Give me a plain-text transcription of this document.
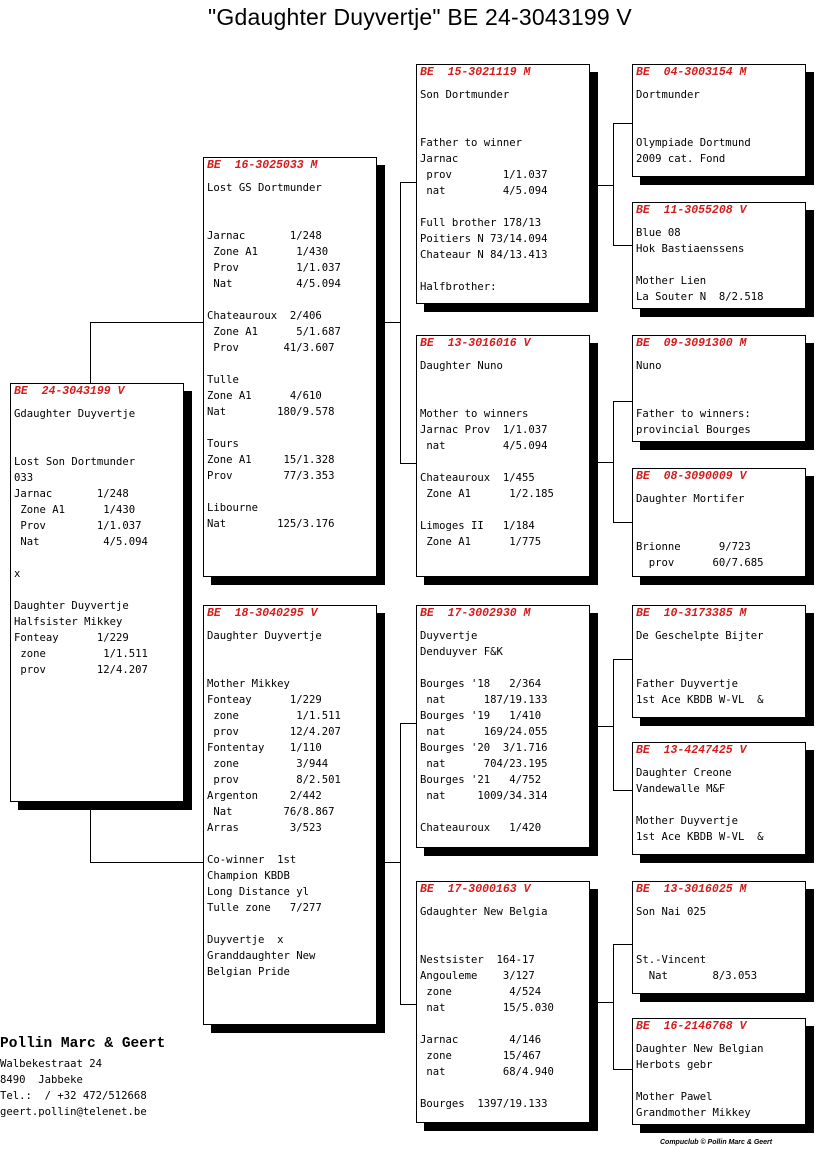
"Gdaughter Duyvertje" BE 24-3043199 V
BE  24-3043199 V
Gdaughter Duyvertje

Lost Son Dortmunder
033
Jarnac       1/248
Zone A1      1/430
Prov        1/1.037
Nat          4/5.094

x

Daughter Duyvertje
Halfsister Mikkey
Fonteay      1/229
zone         1/1.511
prov        12/4.207
BE  16-3025033 M
Lost GS Dortmunder

Jarnac       1/248
Zone A1      1/430
Prov         1/1.037
Nat          4/5.094

Chateauroux  2/406
Zone A1      5/1.687
Prov       41/3.607

Tulle
Zone A1      4/610
Nat        180/9.578

Tours
Zone A1     15/1.328
Prov        77/3.353

Libourne
Nat        125/3.176
BE  18-3040295 V
Daughter Duyvertje

Mother Mikkey
Fonteay      1/229
zone         1/1.511
prov        12/4.207
Fontentay    1/110
zone         3/944
prov         8/2.501
Argenton     2/442
Nat        76/8.867
Arras        3/523

Co-winner  1st
Champion KBDB
Long Distance yl
Tulle zone   7/277

Duyvertje  x
Granddaughter New
Belgian Pride
BE  15-3021119 M
Son Dortmunder

Father to winner
Jarnac
prov        1/1.037
nat         4/5.094

Full brother 178/13
Poitiers N 73/14.094
Chateaur N 84/13.413

Halfbrother:
BE  13-3016016 V
Daughter Nuno

Mother to winners
Jarnac Prov  1/1.037
nat         4/5.094

Chateauroux  1/455
Zone A1      1/2.185

Limoges II   1/184
Zone A1      1/775
BE  17-3002930 M
Duyvertje
Denduyver F&K

Bourges '18   2/364
nat      187/19.133
Bourges '19   1/410
nat      169/24.055
Bourges '20  3/1.716
nat      704/23.195
Bourges '21   4/752
nat     1009/34.314

Chateauroux   1/420
BE  17-3000163 V
Gdaughter New Belgia

Nestsister  164-17
Angouleme    3/127
zone         4/524
nat         15/5.030

Jarnac        4/146
zone        15/467
nat         68/4.940

Bourges  1397/19.133
BE  04-3003154 M
Dortmunder

Olympiade Dortmund
2009 cat. Fond
BE  11-3055208 V
Blue 08
Hok Bastiaenssens

Mother Lien
La Souter N  8/2.518
BE  09-3091300 M
Nuno

Father to winners:
provincial Bourges
BE  08-3090009 V
Daughter Mortifer

Brionne      9/723
prov      60/7.685
BE  10-3173385 M
De Geschelpte Bijter

Father Duyvertje
1st Ace KBDB W-VL  &
BE  13-4247425 V
Daughter Creone
Vandewalle M&F

Mother Duyvertje
1st Ace KBDB W-VL  &
BE  13-3016025 M
Son Nai 025

St.-Vincent
Nat       8/3.053
BE  16-2146768 V
Daughter New Belgian
Herbots gebr

Mother Pawel
Grandmother Mikkey
Pollin Marc & Geert
Walbekestraat 24
8490  Jabbeke
Tel.:  / +32 472/512668
geert.pollin@telenet.be
Compuclub © Pollin Marc & Geert
